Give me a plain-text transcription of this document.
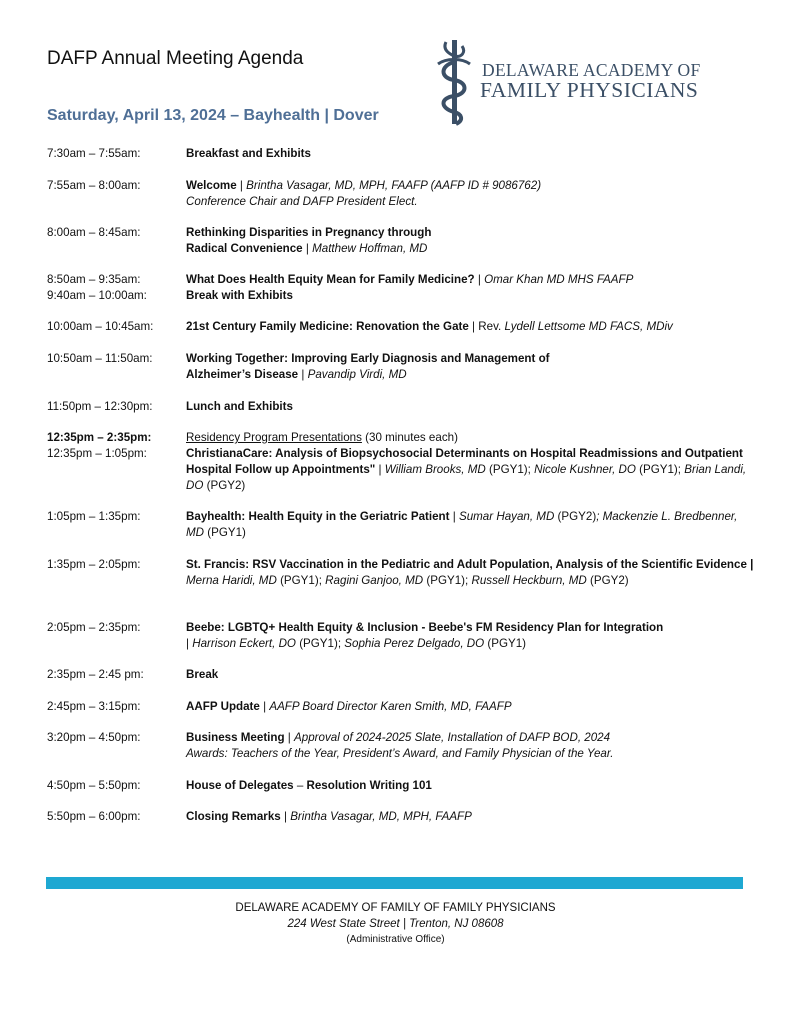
DAFP Annual Meeting Agenda
DELAWARE ACADEMY OF
FAMILY PHYSICIANS
Saturday, April 13, 2024 – Bayhealth | Dover
7:30am – 7:55am:	Breakfast and Exhibits
7:55am – 8:00am:	Welcome | Brintha Vasagar, MD, MPH, FAAFP (AAFP ID # 9086762)
Conference Chair and DAFP President Elect.
8:00am – 8:45am:	Rethinking Disparities in Pregnancy through
Radical Convenience | Matthew Hoffman, MD
8:50am – 9:35am:	What Does Health Equity Mean for Family Medicine? | Omar Khan MD MHS FAAFP
9:40am – 10:00am:	Break with Exhibits
10:00am – 10:45am:	21st Century Family Medicine: Renovation the Gate | Rev. Lydell Lettsome MD FACS, MDiv
10:50am – 11:50am:	Working Together: Improving Early Diagnosis and Management of
Alzheimer’s Disease | Pavandip Virdi, MD
11:50pm – 12:30pm:	Lunch and Exhibits
12:35pm – 2:35pm:	Residency Program Presentations (30 minutes each)
12:35pm – 1:05pm:	ChristianaCare: Analysis of Biopsychosocial Determinants on Hospital Readmissions and Outpatient
Hospital Follow up Appointments" | William Brooks, MD (PGY1); Nicole Kushner, DO (PGY1); Brian Landi,
DO (PGY2)
1:05pm – 1:35pm:	Bayhealth: Health Equity in the Geriatric Patient | Sumar Hayan, MD (PGY2); Mackenzie L. Bredbenner,
MD (PGY1)
1:35pm – 2:05pm:	St. Francis: RSV Vaccination in the Pediatric and Adult Population, Analysis of the Scientific Evidence |
Merna Haridi, MD (PGY1); Ragini Ganjoo, MD (PGY1); Russell Heckburn, MD (PGY2)
2:05pm – 2:35pm:	Beebe: LGBTQ+ Health Equity & Inclusion - Beebe's FM Residency Plan for Integration
| Harrison Eckert, DO (PGY1); Sophia Perez Delgado, DO (PGY1)
2:35pm – 2:45 pm:	Break
2:45pm – 3:15pm:	AAFP Update | AAFP Board Director Karen Smith, MD, FAAFP
3:20pm – 4:50pm:	Business Meeting | Approval of 2024-2025 Slate, Installation of DAFP BOD, 2024
Awards: Teachers of the Year, President’s Award, and Family Physician of the Year.
4:50pm – 5:50pm:	House of Delegates – Resolution Writing 101
5:50pm – 6:00pm:	Closing Remarks | Brintha Vasagar, MD, MPH, FAAFP
DELAWARE ACADEMY OF FAMILY OF FAMILY PHYSICIANS
224 West State Street | Trenton, NJ 08608
(Administrative Office)
